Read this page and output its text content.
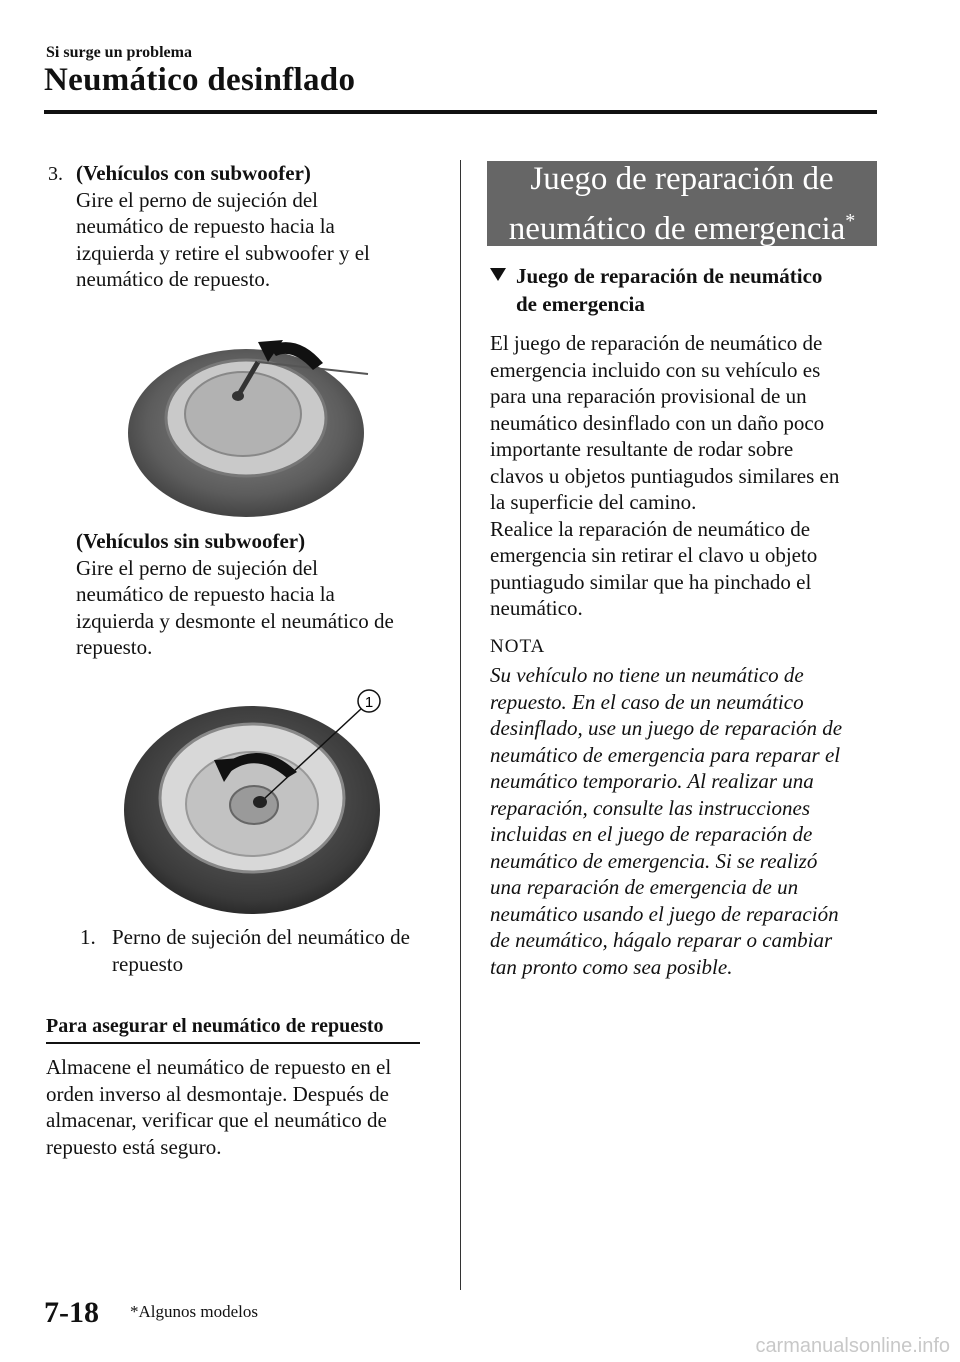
Si surge un problema
Neumático desinflado
3. (Vehículos con subwoofer)
Gire el perno de sujeción del
neumático de repuesto hacia la
izquierda y retire el subwoofer y el
neumático de repuesto.
(Vehículos sin subwoofer)
Gire el perno de sujeción del
neumático de repuesto hacia la
izquierda y desmonte el neumático de
repuesto.
1
1. Perno de sujeción del neumático de
repuesto
Para asegurar el neumático de repuesto
Almacene el neumático de repuesto en el
orden inverso al desmontaje. Después de
almacenar, verificar que el neumático de
repuesto está seguro.
Juego de reparación de
neumático de emergencia*
Juego de reparación de neumático
de emergencia
El juego de reparación de neumático de
emergencia incluido con su vehículo es
para una reparación provisional de un
neumático desinflado con un daño poco
importante resultante de rodar sobre
clavos u objetos puntiagudos similares en
la superficie del camino.
Realice la reparación de neumático de
emergencia sin retirar el clavo u objeto
puntiagudo similar que ha pinchado el
neumático.
NOTA
Su vehículo no tiene un neumático de
repuesto. En el caso de un neumático
desinflado, use un juego de reparación de
neumático de emergencia para reparar el
neumático temporario. Al realizar una
reparación, consulte las instrucciones
incluidas en el juego de reparación de
neumático de emergencia. Si se realizó
una reparación de emergencia de un
neumático usando el juego de reparación
de neumático, hágalo reparar o cambiar
tan pronto como sea posible.
7-18 *Algunos modelos
carmanualsonline.info
